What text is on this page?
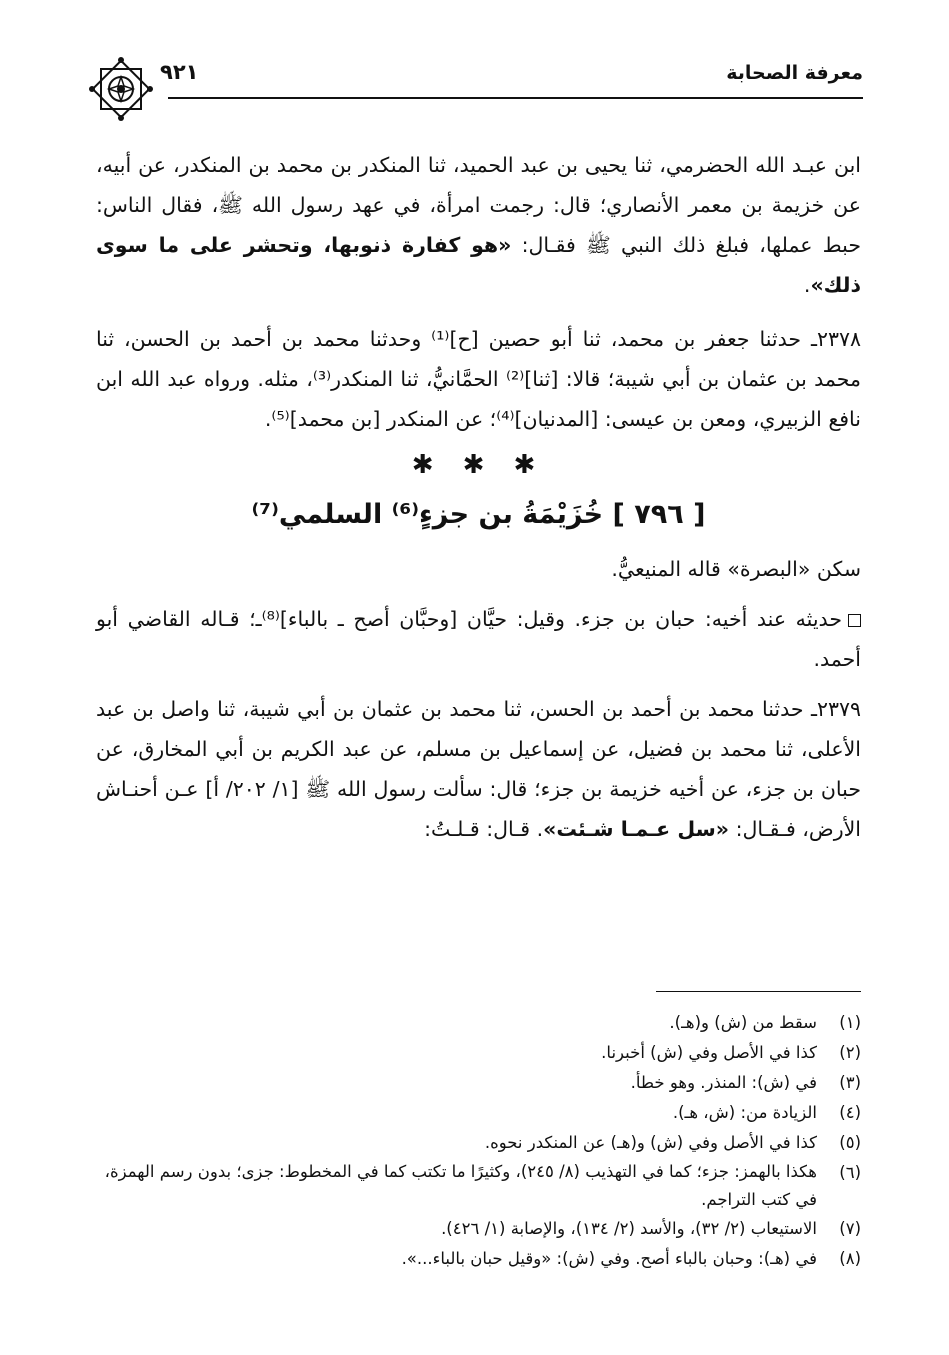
معرفة الصحابة
٩٢١

ابن عبـد الله الحضرمي، ثنا يحيى بن عبد الحميد، ثنا المنكدر بن محمد بن المنكدر، عن أبيه، عن خزيمة بن معمر الأنصاري؛ قال: رجمت امرأة، في عهد رسول الله ﷺ، فقال الناس: حبط عملها، فبلغ ذلك النبي ﷺ فقـال: «هو كفارة ذنوبها، وتحشر على ما سوى ذلك».

٢٣٧٨ـ حدثنا جعفر بن محمد، ثنا أبو حصين [ح]⁽¹⁾ وحدثنا محمد بن أحمد بن الحسن، ثنا محمد بن عثمان بن أبي شيبة؛ قالا: [ثنا]⁽²⁾ الحمَّانيُّ، ثنا المنكدر⁽³⁾، مثله. ورواه عبد الله ابن نافع الزبيري، ومعن بن عيسى: [المدنيان]⁽⁴⁾؛ عن المنكدر [بن محمد]⁽⁵⁾.

✱ ✱ ✱
[ ٧٩٦ ] خُزَيْمَةُ بن جزءٍ⁽⁶⁾ السلمي⁽⁷⁾

سكن «البصرة» قاله المنيعيُّ.

حديثه عند أخيه: حبان بن جزء. وقيل: حيَّان [وحبَّان أصح ـ بالباء]⁽⁸⁾ـ؛ قـاله القاضي أبو أحمد.

٢٣٧٩ـ حدثنا محمد بن أحمد بن الحسن، ثنا محمد بن عثمان بن أبي شيبة، ثنا واصل بن عبد الأعلى، ثنا محمد بن فضيل، عن إسماعيل بن مسلم، عن عبد الكريم بن أبي المخارق، عن حبان بن جزء، عن أخيه خزيمة بن جزء؛ قال: سألت رسول الله ﷺ [١/ ٢٠٢/ أ] عـن أحنـاش الأرض، فـقـال: «سل عـمـا شـئت». قـال: قـلـتُ:

(١)
سقط من (ش) و(هـ).
(٢)
كذا في الأصل وفي (ش) أخبرنا.
(٣)
في (ش): المنذر. وهو خطأ.
(٤)
الزيادة من: (ش، هـ).
(٥)
كذا في الأصل وفي (ش) و(هـ) عن المنكدر نحوه.
(٦)
هكذا بالهمز: جزء؛ كما في التهذيب (٨/ ٢٤٥)، وكثيرًا ما تكتب كما في المخطوط: جزى؛ بدون رسم الهمزة، في كتب التراجم.
(٧)
الاستيعاب (٢/ ٣٢)، والأسد (٢/ ١٣٤)، والإصابة (١/ ٤٢٦).
(٨)
في (هـ): وحبان بالباء أصح. وفي (ش): «وقيل حبان بالباء...».
